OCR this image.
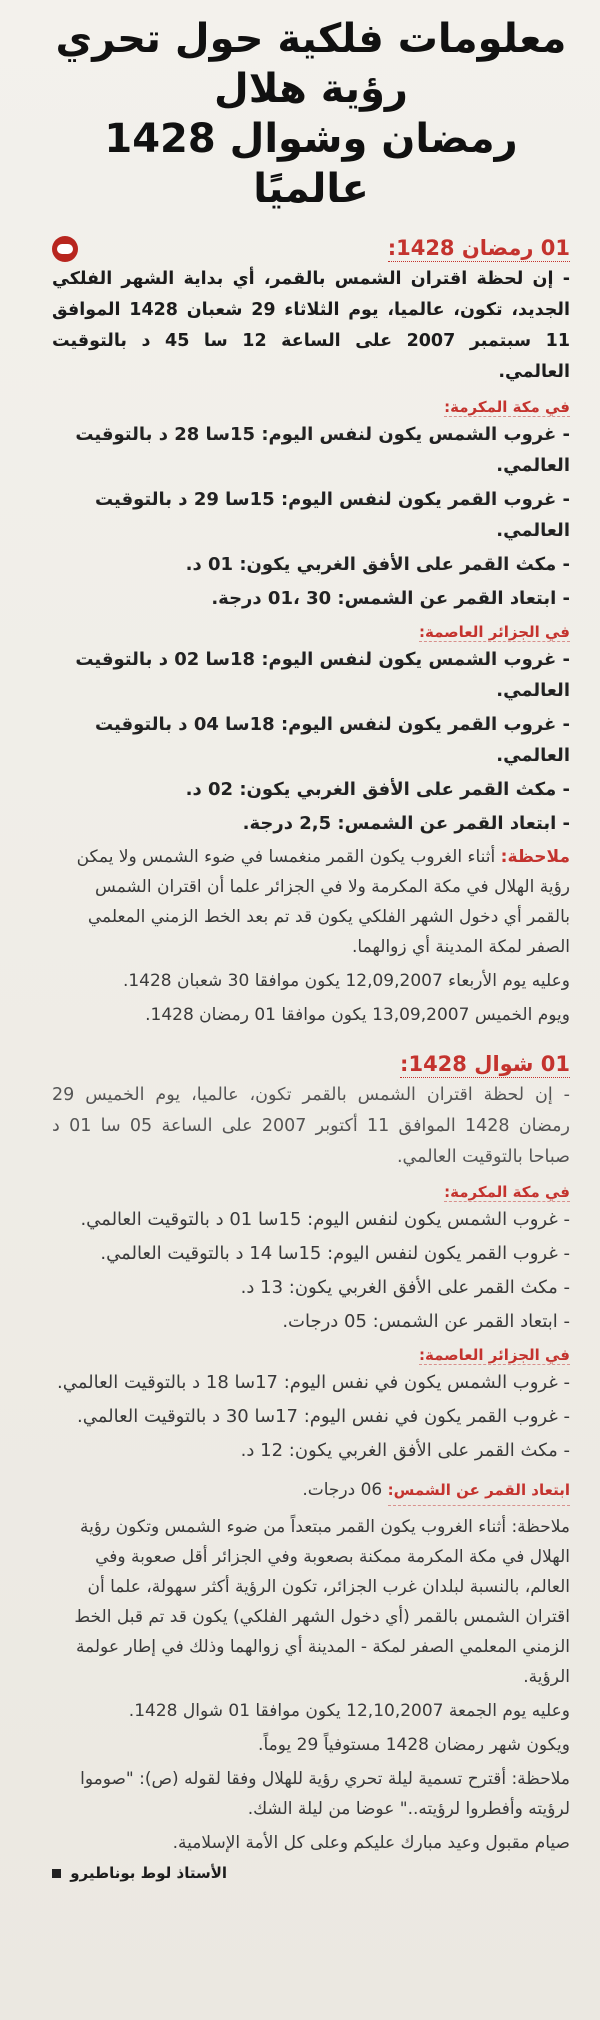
معلومات فلكية حول تحري رؤية هلال
رمضان وشوال 1428 عالميًا
01 رمضان 1428:

- إن لحظة اقتران الشمس بالقمر، أي بداية الشهر الفلكي الجديد، تكون، عالميا، يوم الثلاثاء 29 شعبان 1428 الموافق 11 سبتمبر 2007 على الساعة 12 سا 45 د بالتوقيت العالمي.

في مكة المكرمة:

- غروب الشمس يكون لنفس اليوم: 15سا 28 د بالتوقيت العالمي.

- غروب القمر يكون لنفس اليوم: 15سا 29 د بالتوقيت العالمي.

- مكث القمر على الأفق الغربي يكون: 01 د.

- ابتعاد القمر عن الشمس: 30 ،01 درجة.

في الجزائر العاصمة:

- غروب الشمس يكون لنفس اليوم: 18سا 02 د بالتوقيت العالمي.

- غروب القمر يكون لنفس اليوم: 18سا 04 د بالتوقيت العالمي.

- مكث القمر على الأفق الغربي يكون: 02 د.

- ابتعاد القمر عن الشمس: 2,5 درجة.

ملاحظة: أثناء الغروب يكون القمر منغمسا في ضوء الشمس ولا يمكن رؤية الهلال في مكة المكرمة ولا في الجزائر علما أن اقتران الشمس بالقمر أي دخول الشهر الفلكي يكون قد تم بعد الخط الزمني المعلمي الصفر لمكة المدينة أي زوالهما.

وعليه يوم الأربعاء 12,09,2007 يكون موافقا 30 شعبان 1428.

ويوم الخميس 13,09,2007 يكون موافقا 01 رمضان 1428.

01 شوال 1428:

- إن لحظة اقتران الشمس بالقمر تكون، عالميا، يوم الخميس 29 رمضان 1428 الموافق 11 أكتوبر 2007 على الساعة 05 سا 01 د صباحا بالتوقيت العالمي.

في مكة المكرمة:

- غروب الشمس يكون لنفس اليوم: 15سا 01 د بالتوقيت العالمي.

- غروب القمر يكون لنفس اليوم: 15سا 14 د بالتوقيت العالمي.

- مكث القمر على الأفق الغربي يكون: 13 د.

- ابتعاد القمر عن الشمس: 05 درجات.

في الجزائر العاصمة:

- غروب الشمس يكون في نفس اليوم: 17سا 18 د بالتوقيت العالمي.

- غروب القمر يكون في نفس اليوم: 17سا 30 د بالتوقيت العالمي.

- مكث القمر على الأفق الغربي يكون: 12 د.

ابتعاد القمر عن الشمس: 06 درجات.

ملاحظة: أثناء الغروب يكون القمر مبتعداً من ضوء الشمس وتكون رؤية الهلال في مكة المكرمة ممكنة بصعوبة وفي الجزائر أقل صعوبة وفي العالم، بالنسبة لبلدان غرب الجزائر، تكون الرؤية أكثر سهولة، علما أن اقتران الشمس بالقمر (أي دخول الشهر الفلكي) يكون قد تم قبل الخط الزمني المعلمي الصفر لمكة - المدينة أي زوالهما وذلك في إطار عولمة الرؤية.

وعليه يوم الجمعة 12,10,2007 يكون موافقا 01 شوال 1428.

ويكون شهر رمضان 1428 مستوفياً 29 يوماً.

ملاحظة: أقترح تسمية ليلة تحري رؤية للهلال وفقا لقوله (ص): "صوموا لرؤيته وأفطروا لرؤيته.." عوضا من ليلة الشك.

صيام مقبول وعيد مبارك عليكم وعلى كل الأمة الإسلامية.

الأستاذ لوط بوناطيرو
